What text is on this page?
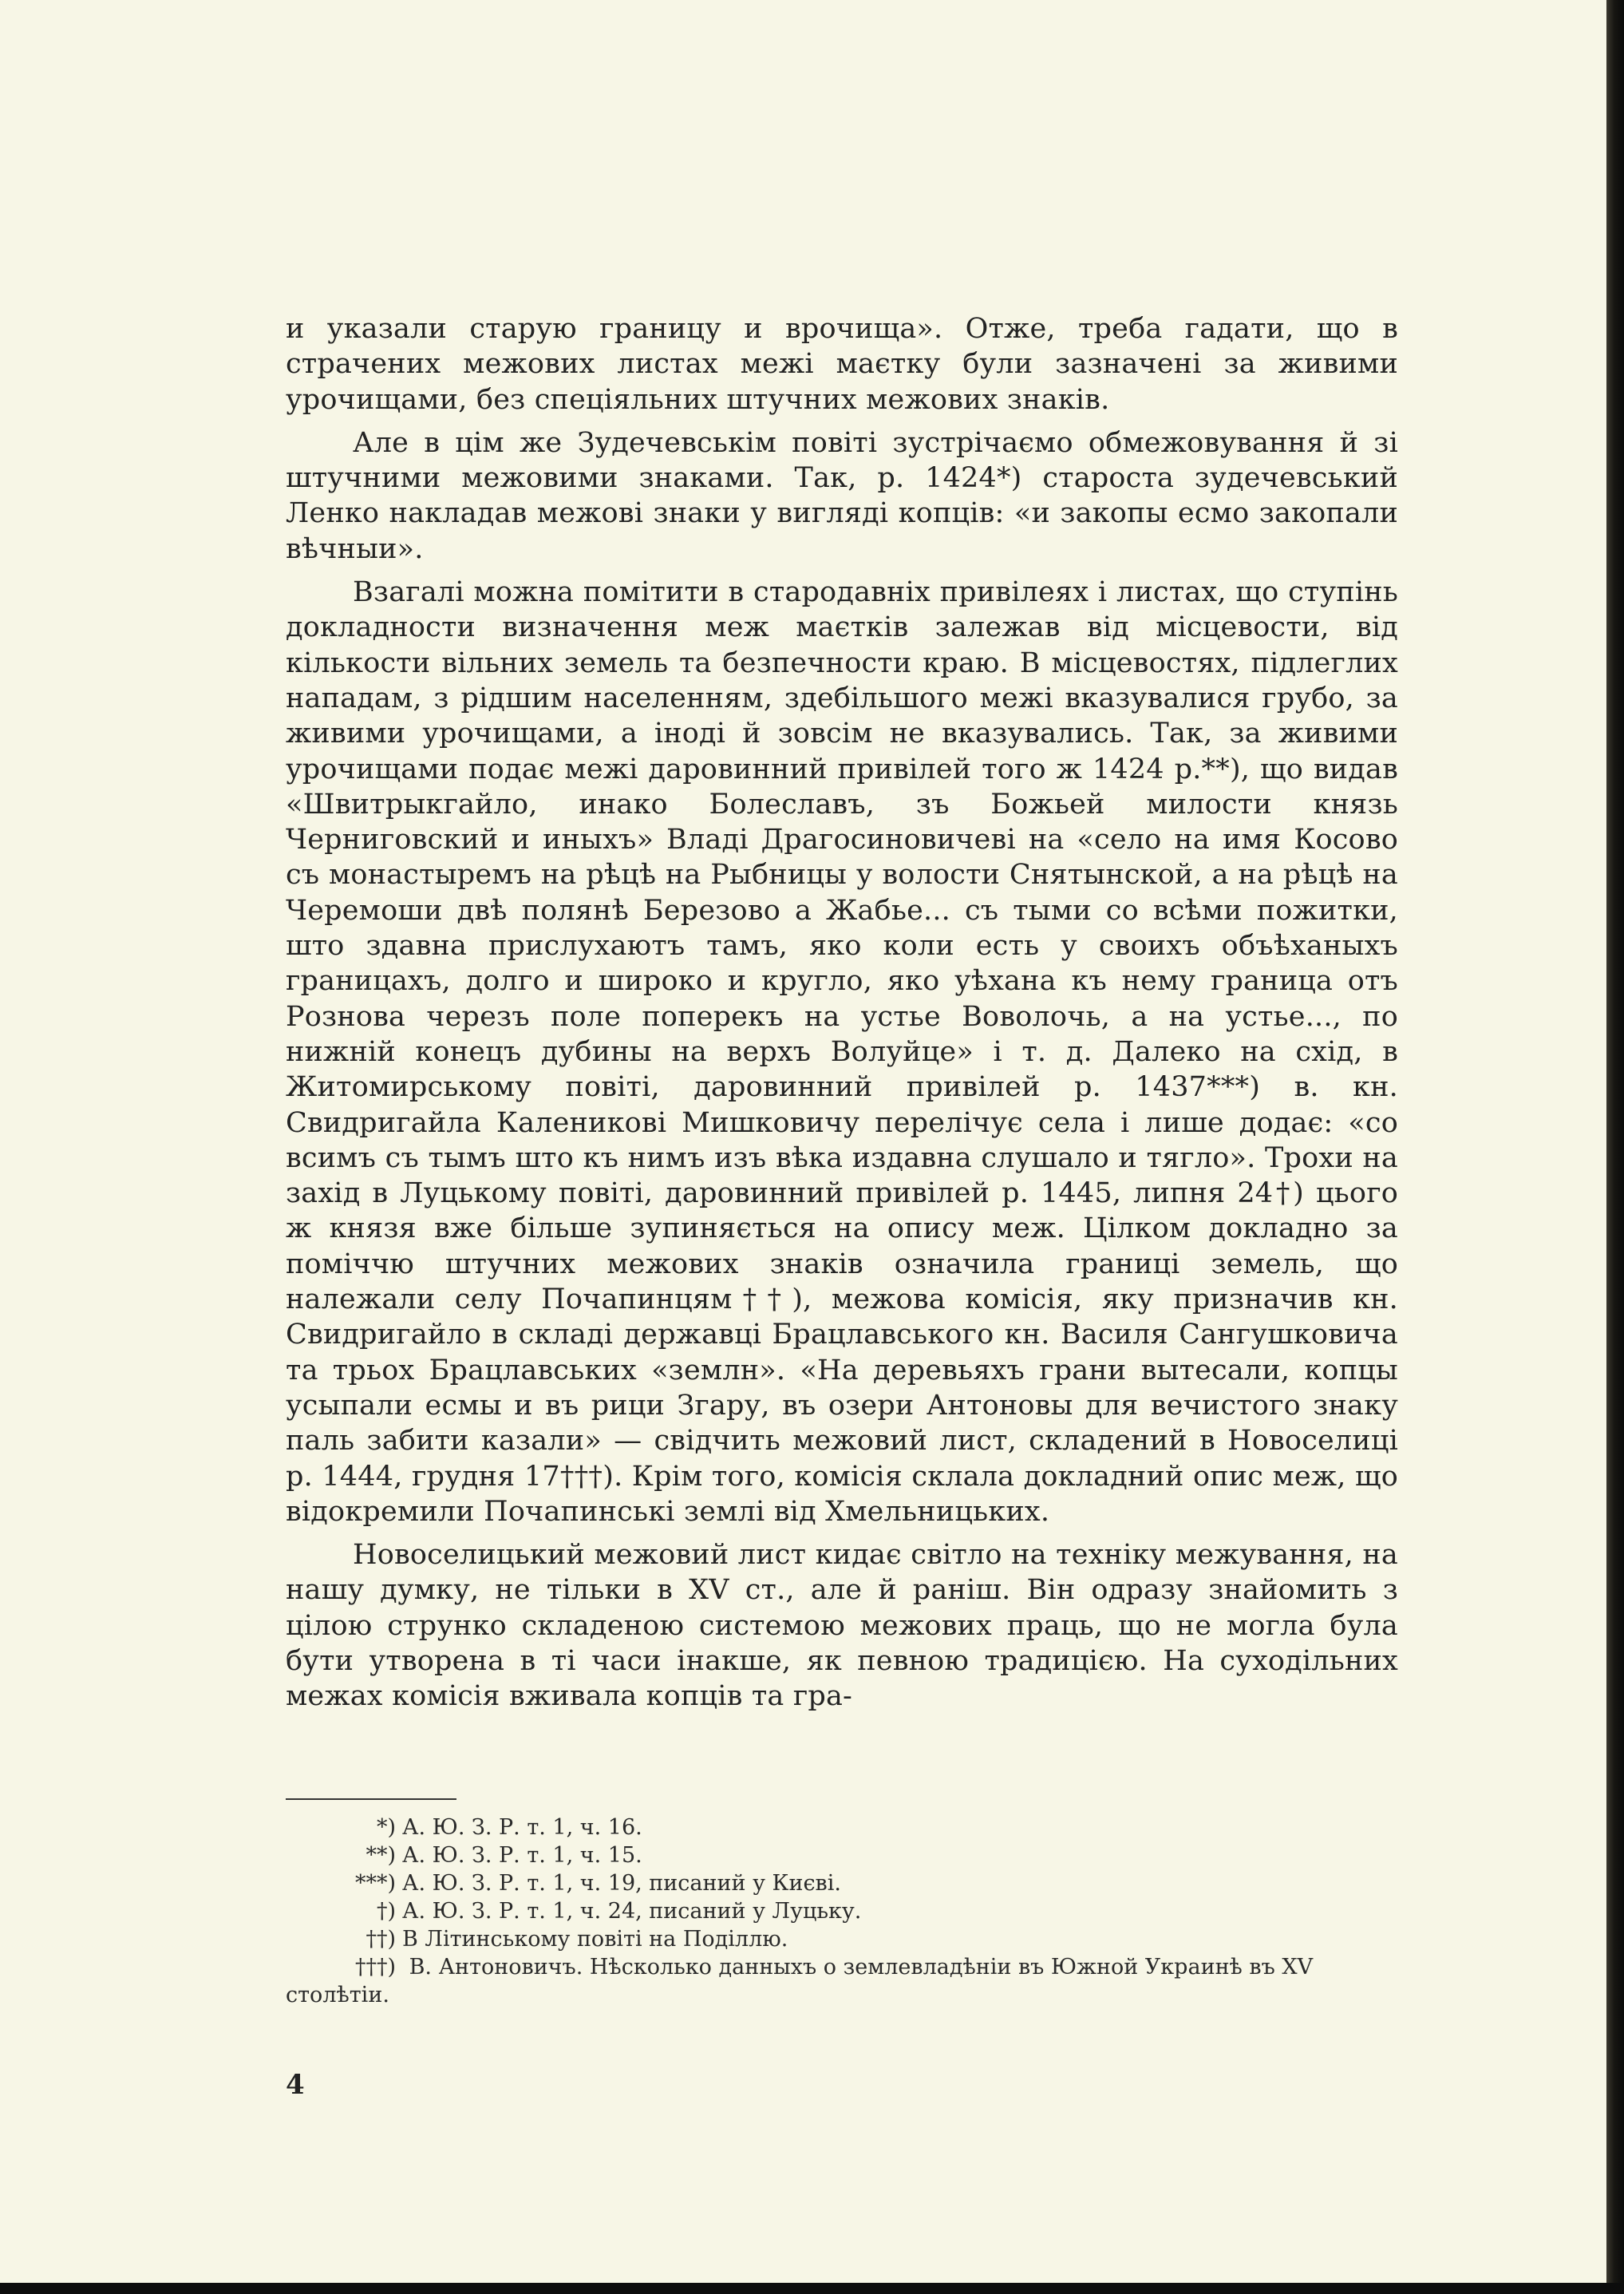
и указали старую границу и врочища». Отже, треба гадати, що в страчених межових листах межі маєтку були зазначені за живими урочищами, без спеціяльних штучних межових знаків.

Але в цім же Зудечевськім повіті зустрічаємо обмежовування й зі штучними межовими знаками. Так, р. 1424*) староста зудечевський Ленко накладав межові знаки у вигляді копців: «и закопы есмо закопали вѣчныи».

Взагалі можна помітити в стародавніх привілеях і листах, що ступінь докладности визначення меж маєтків залежав від місцевости, від кількости вільних земель та безпечности краю. В місцевостях, підлеглих нападам, з рідшим населенням, здебільшого межі вказувалися грубо, за живими урочищами, а іноді й зовсім не вказувались. Так, за живими урочищами подає межі даровинний привілей того ж 1424 р.**), що видав «Швитрыкгайло, инако Болеславъ, зъ Божьей милости князь Черниговский и иныхъ» Владі Драгосиновичеві на «село на имя Косово съ монастыремъ на рѣцѣ на Рыбницы у волости Снятынской, а на рѣцѣ на Черемоши двѣ полянѣ Березово а Жабье... съ тыми со всѣми пожитки, што здавна прислухаютъ тамъ, яко коли есть у своихъ объѣханыхъ границахъ, долго и широко и кругло, яко уѣхана къ нему граница отъ Рознова черезъ поле поперекъ на устье Воволочь, а на устье..., по нижній конецъ дубины на верхъ Волуйце» і т. д. Далеко на схід, в Житомирському повіті, даровинний привілей р. 1437***) в. кн. Свидригайла Каленикові Мишковичу перелічує села і лише додає: «со всимъ съ тымъ што къ нимъ изъ вѣка издавна слушало и тягло». Трохи на захід в Луцькому повіті, даровинний привілей р. 1445, липня 24†) цього ж князя вже більше зупиняється на опису меж. Цілком докладно за поміччю штучних межових знаків означила границі земель, що належали селу Почапинцям††), межова комісія, яку призначив кн. Свидригайло в складі державці Брацлавського кн. Василя Сангушковича та трьох Брацлавських «землн». «На деревьяхъ грани вытесали, копцы усыпали есмы и въ рици Згару, въ озери Антоновы для вечистого знаку паль забити казали» — свідчить межовий лист, складений в Новоселиці р. 1444, грудня 17†††). Крім того, комісія склала докладний опис меж, що відокремили Почапинські землі від Хмельницьких.

Новоселицький межовий лист кидає світло на техніку межування, на нашу думку, не тільки в XV ст., але й раніш. Він одразу знайомить з цілою струнко складеною системою межових праць, що не могла була бути утворена в ті часи інакше, як певною традицією. На суходільних межах комісія вживала копців та гра-

*) А. Ю. З. Р. т. 1, ч. 16.
**) А. Ю. З. Р. т. 1, ч. 15.
***) А. Ю. З. Р. т. 1, ч. 19, писаний у Києві.
†) А. Ю. З. Р. т. 1, ч. 24, писаний у Луцьку.
††) В Літинському повіті на Поділлю.
†††) В. Антоновичъ. Нѣсколько данныхъ о землевладѣніи въ Южной Украинѣ въ XV столѣтіи.
4
